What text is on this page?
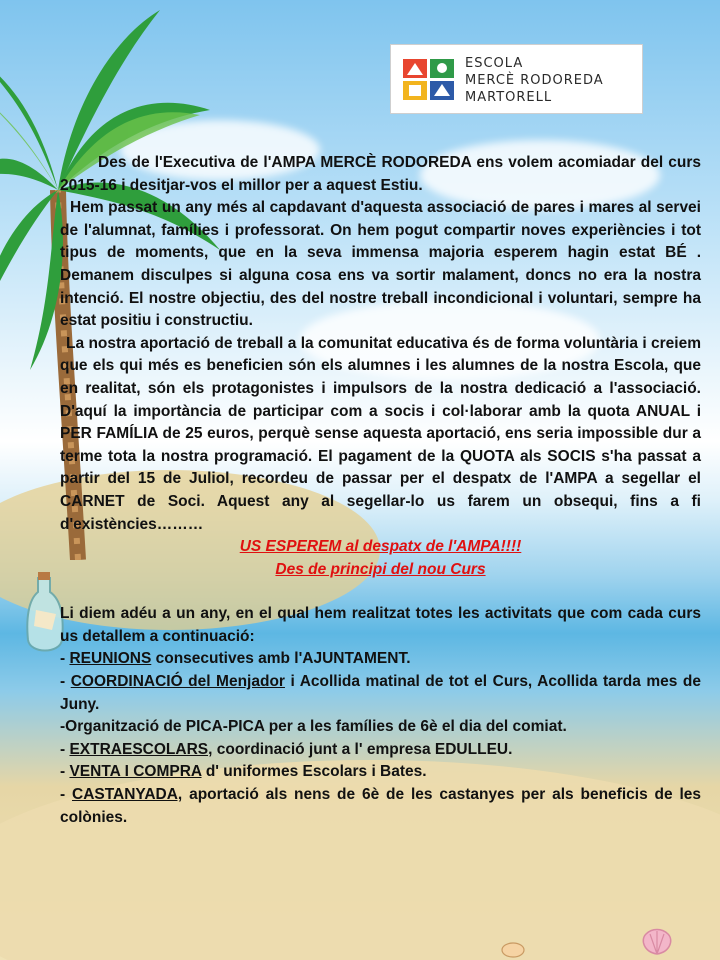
ESCOLA
MERCÈ RODOREDA
MARTORELL

Des de l'Executiva de l'AMPA MERCÈ RODOREDA ens volem acomiadar del curs 2015-16 i desitjar-vos el millor per a aquest Estiu.

Hem passat un any més al capdavant d'aquesta associació de pares i mares al servei de l'alumnat, famílies i professorat. On hem pogut compartir noves experiències i tot tipus de moments, que en la seva immensa majoria esperem hagin estat BÉ . Demanem disculpes si alguna cosa ens va sortir malament, doncs no era la nostra intenció. El nostre objectiu, des del nostre treball incondicional i voluntari, sempre ha estat positiu i constructiu.

La nostra aportació de treball a la comunitat educativa és de forma voluntària i creiem que els qui més es beneficien són els alumnes i les alumnes de la nostra Escola, que en realitat, són els protagonistes i impulsors de la nostra dedicació a l'associació. D'aquí la importància de participar com a socis i col·laborar amb la quota ANUAL i PER FAMÍLIA de 25 euros, perquè sense aquesta aportació, ens seria impossible dur a terme tota la nostra programació. El pagament de la QUOTA als SOCIS s'ha passat a partir del 15 de Juliol, recordeu de passar per el despatx de l'AMPA a segellar el CARNET de Soci. Aquest any al segellar-lo us farem un obsequi, fins a fi d'existències………

US ESPEREM al despatx de l'AMPA!!!!

Des de principi del nou Curs

Li diem adéu a un any, en el qual hem realitzat totes les activitats que com cada curs us detallem a continuació:

- REUNIONS consecutives amb l'AJUNTAMENT.

- COORDINACIÓ del Menjador i Acollida matinal de tot el Curs, Acollida tarda mes de Juny.

-Organització de PICA-PICA per a les famílies de 6è el dia del comiat.

- EXTRAESCOLARS, coordinació junt a l' empresa EDULLEU.

- VENTA I COMPRA d' uniformes Escolars i Bates.

- CASTANYADA, aportació als nens de 6è de les castanyes per als beneficis de les colònies.
